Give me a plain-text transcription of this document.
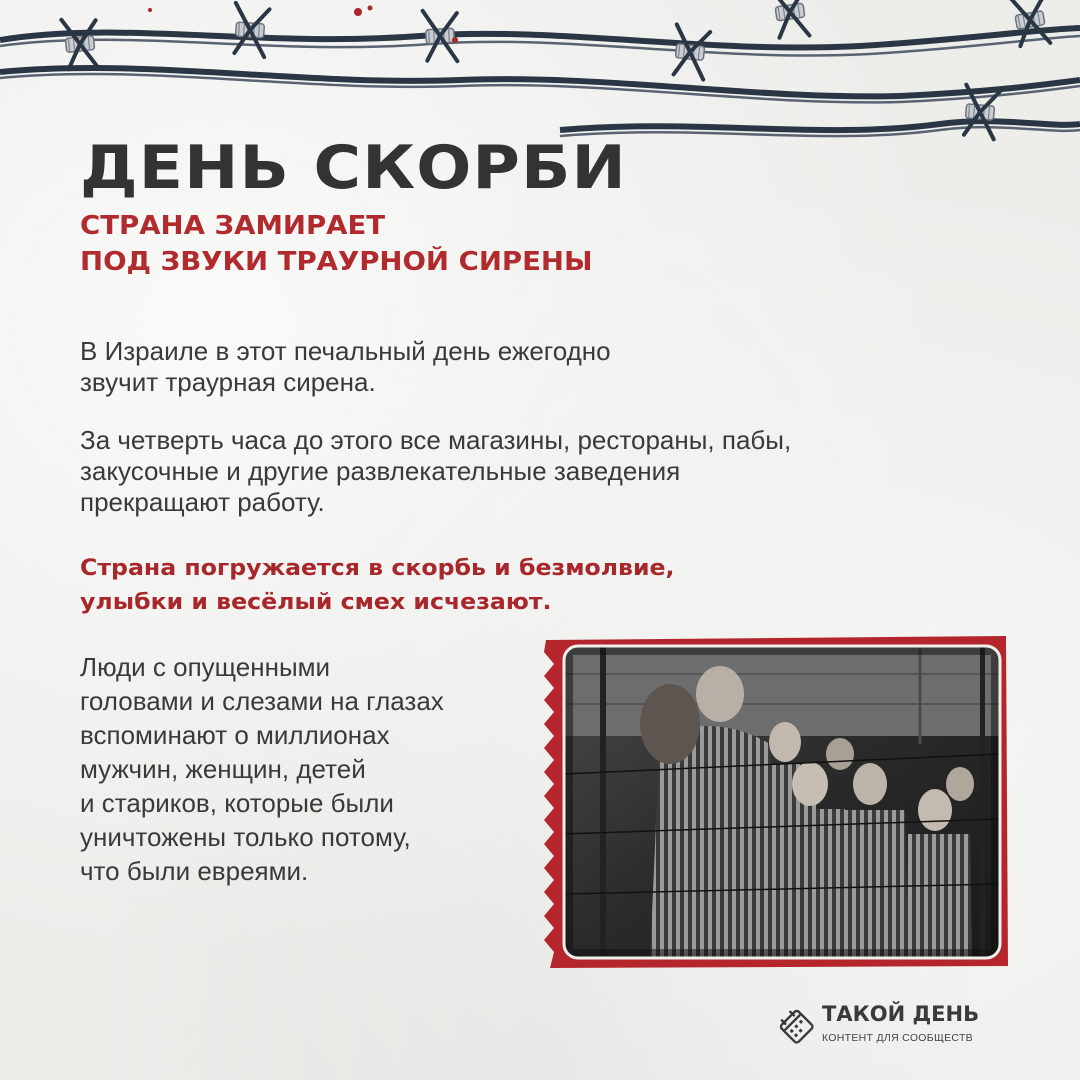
ДЕНЬ СКОРБИ
СТРАНА ЗАМИРАЕТ
ПОД ЗВУКИ ТРАУРНОЙ СИРЕНЫ

В Израиле в этот печальный день ежегодно
звучит траурная сирена.

За четверть часа до этого все магазины, рестораны, пабы,
закусочные и другие развлекательные заведения
прекращают работу.

Страна погружается в скорбь и безмолвие,
улыбки и весёлый смех исчезают.

Люди с опущенными
головами и слезами на глазах
вспоминают о миллионах
мужчин, женщин, детей
и стариков, которые были
уничтожены только потому,
что были евреями.

ТАКОЙ ДЕНЬ
КОНТЕНТ ДЛЯ СООБЩЕСТВ
